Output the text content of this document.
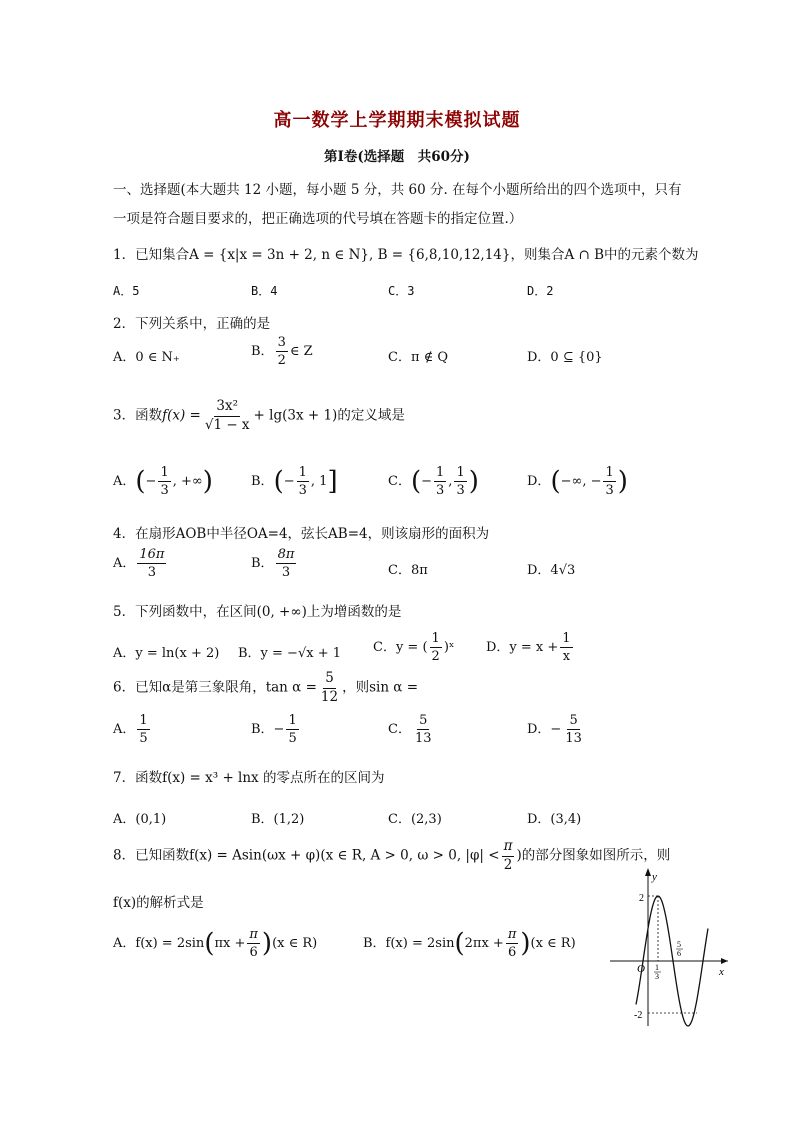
高一数学上学期期末模拟试题
第Ⅰ卷(选择题　共60分)
一、选择题(本大题共 12 小题，每小题 5 分，共 60 分. 在每个小题所给出的四个选项中，只有一项是符合题目要求的，把正确选项的代号填在答题卡的指定位置.）
1．已知集合A = {x|x = 3n + 2, n ∈ N}, B = {6,8,10,12,14}，则集合A ∩ B中的元素个数为
A．5	B．4	C．3	D．2
2．下列关系中，正确的是
A．0 ∈ N₊	B． $\frac{3}{2}$ ∈ Z	C．π ∉ Q	D．0 ⊆ {0}
3．函数$f(x) = \frac{\text{3x²}}{√1 - x} + \lg(3x + 1)$的定义域是
A．(− $\frac{1}{3}$ , +∞)	B．(− $\frac{1}{3}$ , 1]	C．(− $\frac{1}{3}$ , $\frac{1}{3}$ )	D．(−∞, − $\frac{1}{3}$ )
4．在扇形AOB中半径OA=4，弦长AB=4，则该扇形的面积为
A． $\frac{16\pi}{3}$	B． $\frac{8\pi}{3}$	C．8π	D．4√3
5．下列函数中，在区间(0, +∞)上为增函数的是
A．y = ln(x + 2) B．y = −√x + 1 C．y = ( $\frac{1}{2}$ )ˣ D．$y = x + \frac{1}{x}$
6．已知α是第三象限角，$\tan \alpha = \frac{5}{12}$ ，则sin α =
A． $\frac{1}{5}$	B．− $\frac{1}{5}$	C． $\frac{5}{13}$	D．− $\frac{5}{13}$
7．函数f(x) = x³ + lnx 的零点所在的区间为
A．(0,1)	B．(1,2)	C．(2,3)	D．(3,4)
8．已知函数f(x) = Asin(ωx + φ)(x ∈ R, A > 0, ω > 0, $|\varphi| < \frac{\pi}{2}$ )的部分图象如图所示，则
f(x)的解析式是
A．$f(x) = 2\sin(\pi x + \frac{\pi}{6} )(x$ ∈ R)	B．$f(x) = 2\sin(2\pi x + \frac{\pi}{6} )(x$ ∈ R)
y
x
O
2
-2
1
3
5
6
